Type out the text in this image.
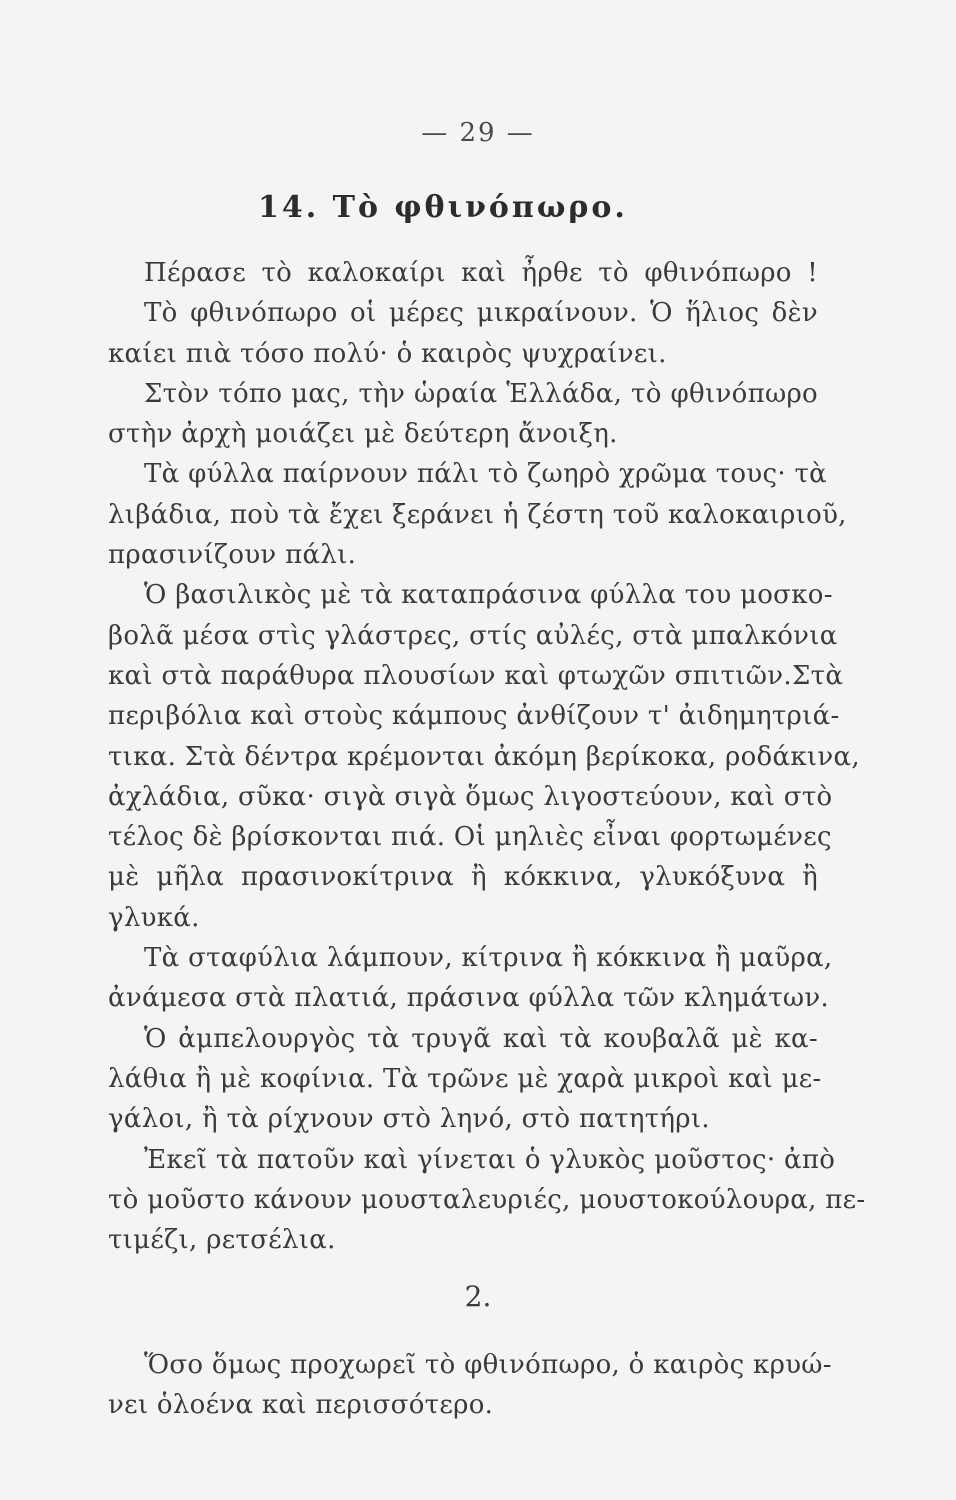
— 29 —
14. Τὸ φθινόπωρο.
Πέρασε τὸ καλοκαίρι καὶ ἦρθε τὸ φθινόπωρο !
Τὸ φθινόπωρο οἱ μέρες μικραίνουν. Ὁ ἥλιος δὲν
καίει πιὰ τόσο πολύ· ὁ καιρὸς ψυχραίνει.
Στὸν τόπο μας, τὴν ὡραία Ἑλλάδα, τὸ φθινόπωρο
στὴν ἀρχὴ μοιάζει μὲ δεύτερη ἄνοιξη.
Τὰ φύλλα παίρνουν πάλι τὸ ζωηρὸ χρῶμα τους· τὰ
λιβάδια, ποὺ τὰ ἔχει ξεράνει ἡ ζέστη τοῦ καλοκαιριοῦ,
πρασινίζουν πάλι.
Ὁ βασιλικὸς μὲ τὰ καταπράσινα φύλλα του μοσκο-
βολᾶ μέσα στὶς γλάστρες, στίς αὐλές, στὰ μπαλκόνια
καὶ στὰ παράθυρα πλουσίων καὶ φτωχῶν σπιτιῶν.Στὰ
περιβόλια καὶ στοὺς κάμπους ἀνθίζουν τ' ἀιδημητριά-
τικα. Στὰ δέντρα κρέμονται ἀκόμη βερίκοκα, ροδάκινα,
ἀχλάδια, σῦκα· σιγὰ σιγὰ ὅμως λιγοστεύουν, καὶ στὸ
τέλος δὲ βρίσκονται πιά. Οἱ μηλιὲς εἶναι φορτωμένες
μὲ μῆλα πρασινοκίτρινα ἢ κόκκινα, γλυκόξυνα ἢ
γλυκά.
Τὰ σταφύλια λάμπουν, κίτρινα ἢ κόκκινα ἢ μαῦρα,
ἀνάμεσα στὰ πλατιά, πράσινα φύλλα τῶν κλημάτων.
Ὁ ἀμπελουργὸς τὰ τρυγᾶ καὶ τὰ κουβαλᾶ μὲ κα-
λάθια ἢ μὲ κοφίνια. Τὰ τρῶνε μὲ χαρὰ μικροὶ καὶ με-
γάλοι, ἢ τὰ ρίχνουν στὸ ληνό, στὸ πατητήρι.
Ἐκεῖ τὰ πατοῦν καὶ γίνεται ὁ γλυκὸς μοῦστος· ἀπὸ
τὸ μοῦστο κάνουν μουσταλευριές, μουστοκούλουρα, πε-
τιμέζι, ρετσέλια.
2.
Ὅσο ὅμως προχωρεῖ τὸ φθινόπωρο, ὁ καιρὸς κρυώ-
νει ὁλοένα καὶ περισσότερο.
